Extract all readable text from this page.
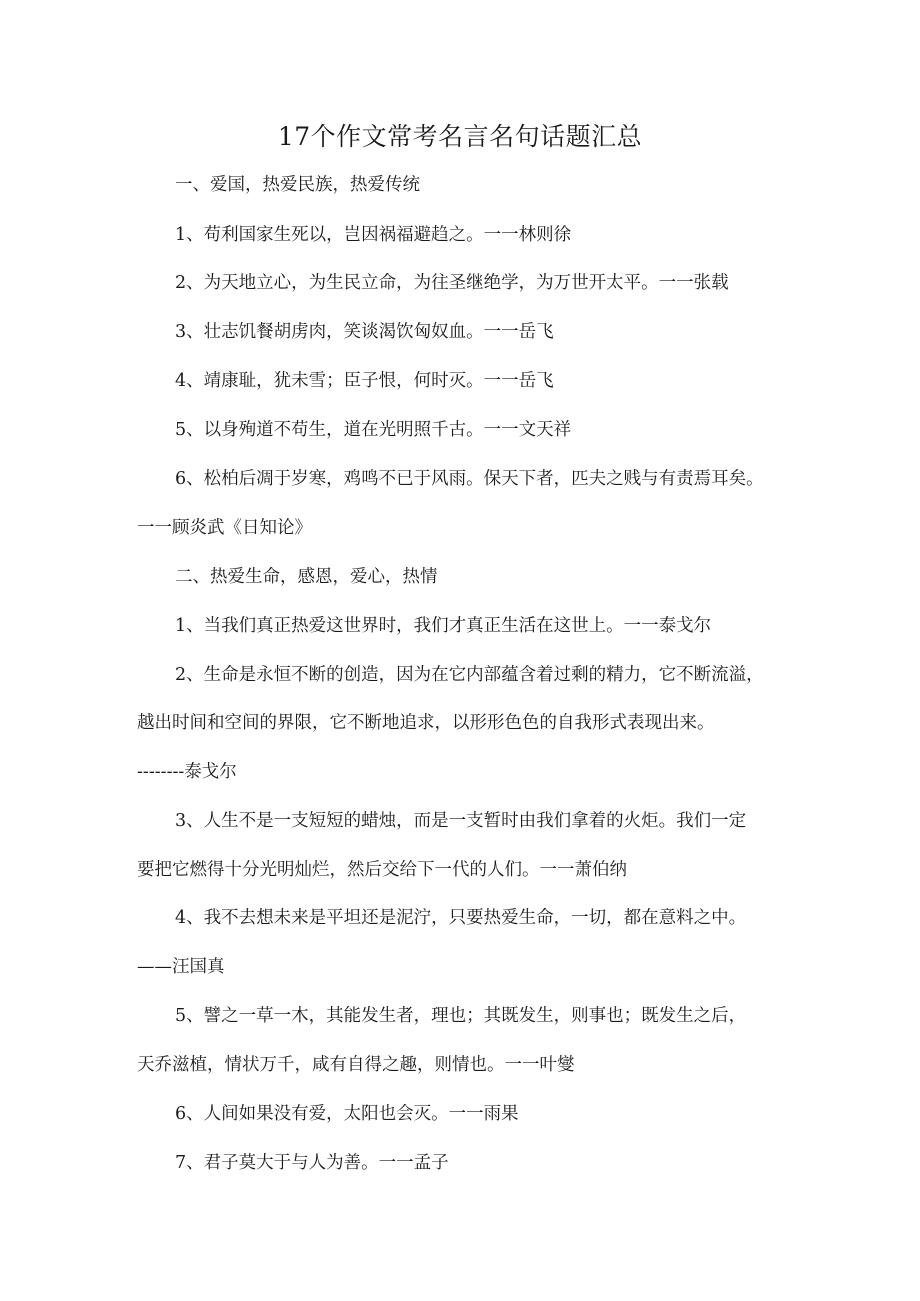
17个作文常考名言名句话题汇总
一、爱国，热爱民族，热爱传统
1、苟利国家生死以，岂因祸福避趋之。一一林则徐
2、为天地立心，为生民立命，为往圣继绝学，为万世开太平。一一张载
3、壮志饥餐胡虏肉，笑谈渴饮匈奴血。一一岳飞
4、靖康耻，犹未雪；臣子恨，何时灭。一一岳飞
5、以身殉道不苟生，道在光明照千古。一一文天祥
6、松柏后凋于岁寒，鸡鸣不已于风雨。保天下者，匹夫之贱与有责焉耳矣。
一一顾炎武《日知论》
二、热爱生命，感恩，爱心，热情
1、当我们真正热爱这世界时，我们才真正生活在这世上。一一泰戈尔
2、生命是永恒不断的创造，因为在它内部蕴含着过剩的精力，它不断流溢，
越出时间和空间的界限，它不断地追求，以形形色色的自我形式表现出来。
--------泰戈尔
3、人生不是一支短短的蜡烛，而是一支暂时由我们拿着的火炬。我们一定
要把它燃得十分光明灿烂，然后交给下一代的人们。一一萧伯纳
4、我不去想未来是平坦还是泥泞，只要热爱生命，一切，都在意料之中。
——汪国真
5、譬之一草一木，其能发生者，理也；其既发生，则事也；既发生之后，
天乔滋植，情状万千，咸有自得之趣，则情也。一一叶燮
6、人间如果没有爱，太阳也会灭。一一雨果
7、君子莫大于与人为善。一一孟子
